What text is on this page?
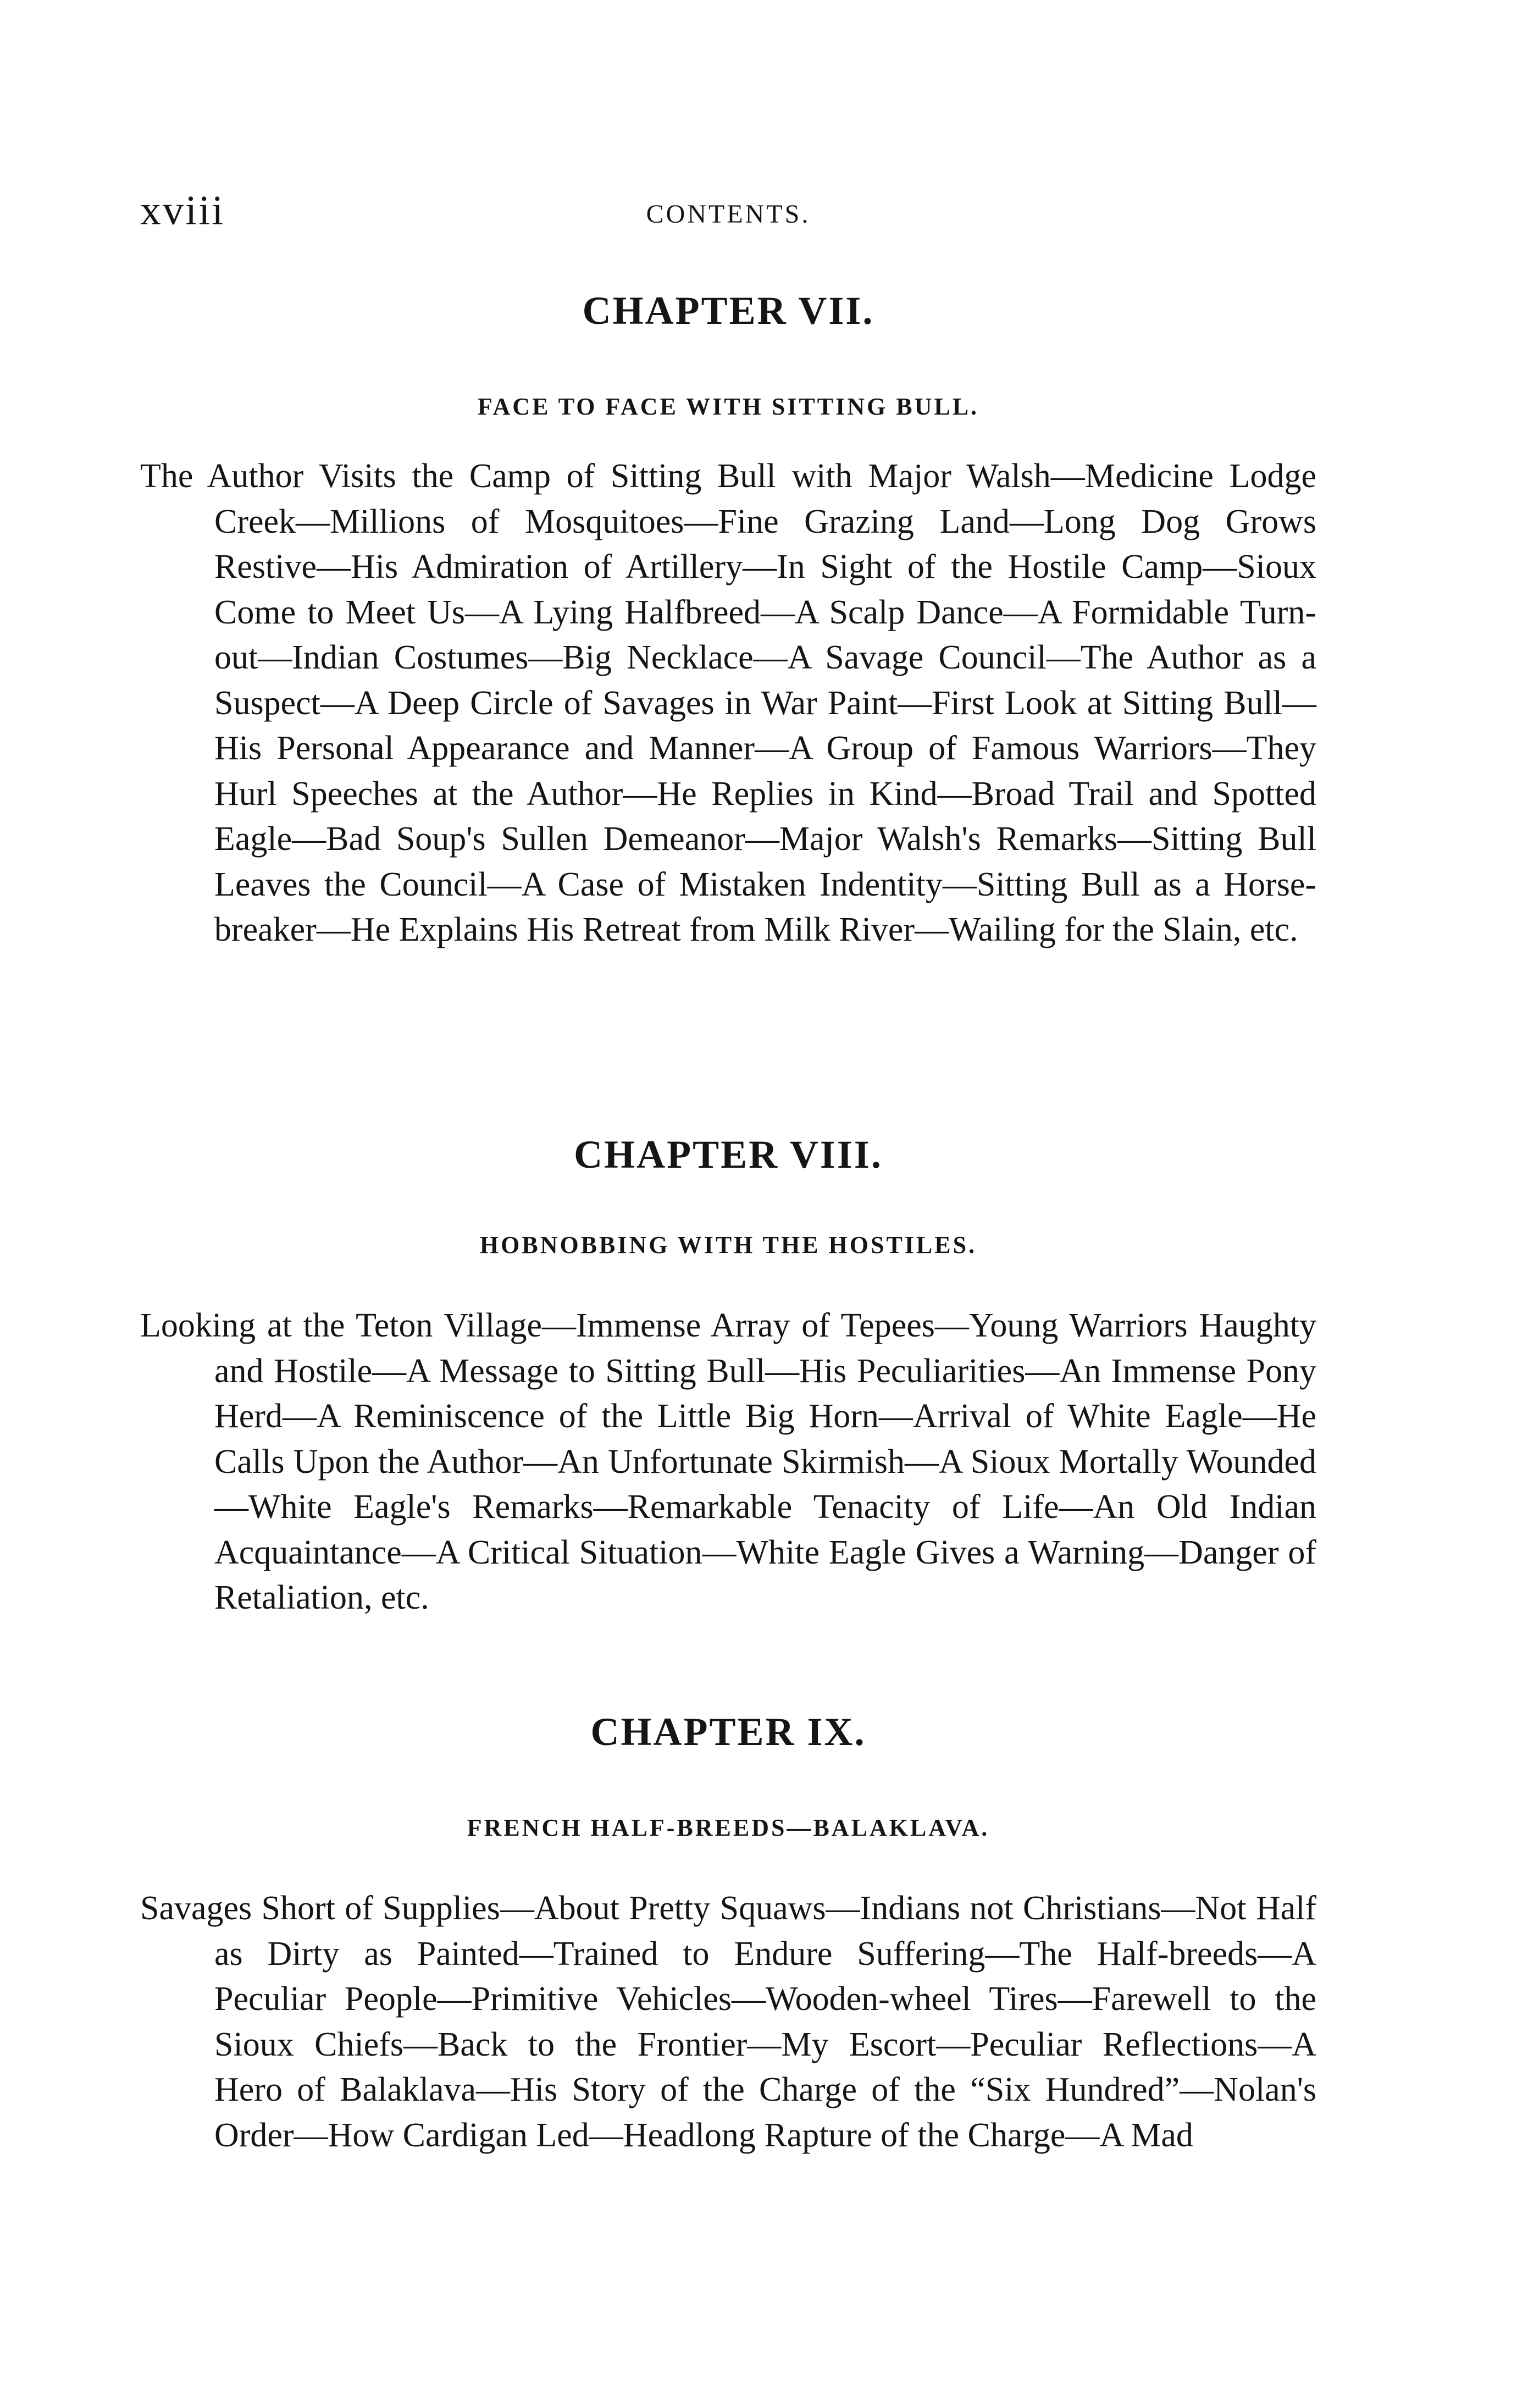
xviii	CONTENTS.
CHAPTER VII.
FACE TO FACE WITH SITTING BULL.

The Author Visits the Camp of Sitting Bull with Major Walsh—Medicine Lodge Creek—Millions of Mosquitoes—Fine Grazing Land—Long Dog Grows Restive—His Admiration of Artillery—In Sight of the Hostile Camp—Sioux Come to Meet Us—A Lying Halfbreed—A Scalp Dance—A Formidable Turn-out—Indian Costumes—Big Necklace—A Savage Council—The Author as a Suspect—A Deep Circle of Savages in War Paint—First Look at Sitting Bull—His Personal Appearance and Manner—A Group of Famous Warriors—They Hurl Speeches at the Author—He Replies in Kind—Broad Trail and Spotted Eagle—Bad Soup's Sullen Demeanor—Major Walsh's Remarks—Sitting Bull Leaves the Council—A Case of Mistaken Indentity—Sitting Bull as a Horse-breaker—He Explains His Retreat from Milk River—Wailing for the Slain, etc.

CHAPTER VIII.
HOBNOBBING WITH THE HOSTILES.

Looking at the Teton Village—Immense Array of Tepees—Young Warriors Haughty and Hostile—A Message to Sitting Bull—His Peculiarities—An Immense Pony Herd—A Reminiscence of the Little Big Horn—Arrival of White Eagle—He Calls Upon the Author—An Unfortunate Skirmish—A Sioux Mortally Wounded —White Eagle's Remarks—Remarkable Tenacity of Life—An Old Indian Acquaintance—A Critical Situation—White Eagle Gives a Warning—Danger of Retaliation, etc.

CHAPTER IX.
FRENCH HALF-BREEDS—BALAKLAVA.

Savages Short of Supplies—About Pretty Squaws—Indians not Christians—Not Half as Dirty as Painted—Trained to Endure Suffering—The Half-breeds—A Peculiar People—Primitive Vehicles—Wooden-wheel Tires—Farewell to the Sioux Chiefs—Back to the Frontier—My Escort—Peculiar Reflections—A Hero of Balaklava—His Story of the Charge of the “Six Hundred”—Nolan's Order—How Cardigan Led—Headlong Rapture of the Charge—A Mad
